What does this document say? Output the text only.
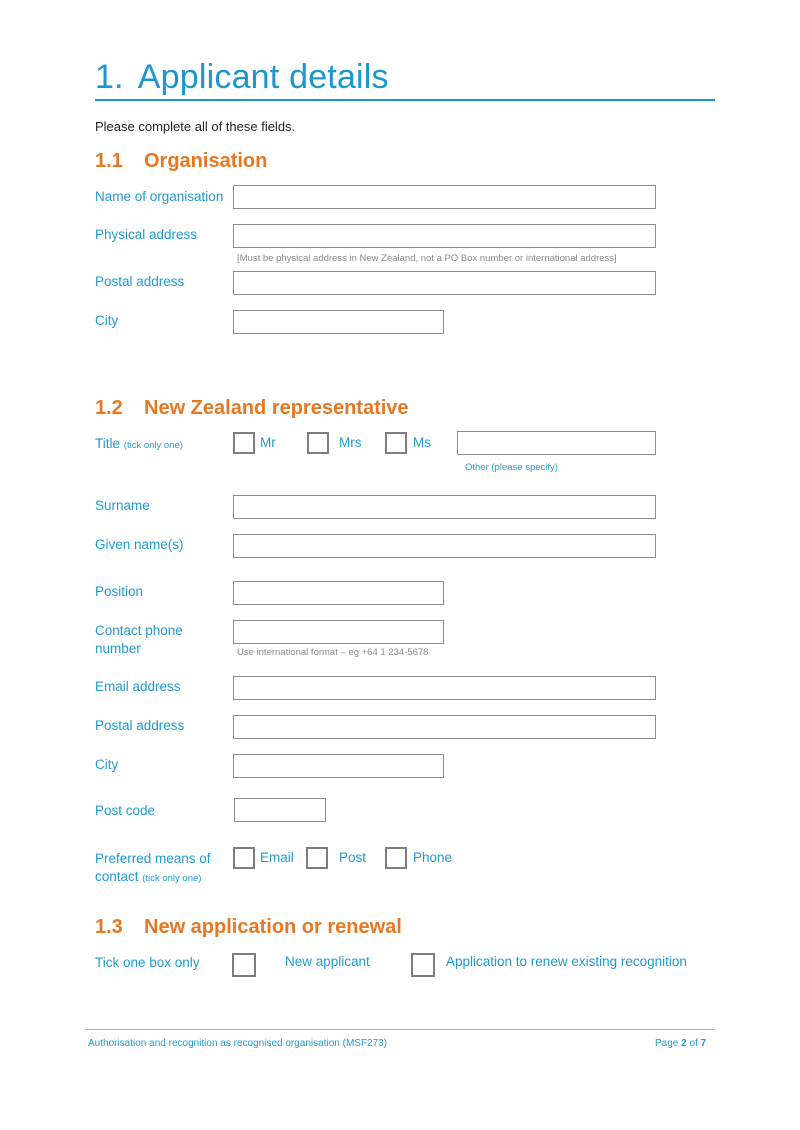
1. Applicant details
Please complete all of these fields.
1.1 Organisation
Name of organisation
Physical address
[Must be physical address in New Zealand, not a PO Box number or international address]
Postal address
City
1.2 New Zealand representative
Title (tick only one)	Mr	Mrs	Ms
Other (please specify)
Surname
Given name(s)
Position
Contact phone
number	Use international format – eg +64 1 234-5678
Email address
Postal address
City
Post code
Preferred means of
contact (tick only one)
Email	Post	Phone
1.3 New application or renewal
Tick one box only	New applicant	Application to renew existing recognition
Authorisation and recognition as recognised organisation (MSF273)	Page 2 of 7
